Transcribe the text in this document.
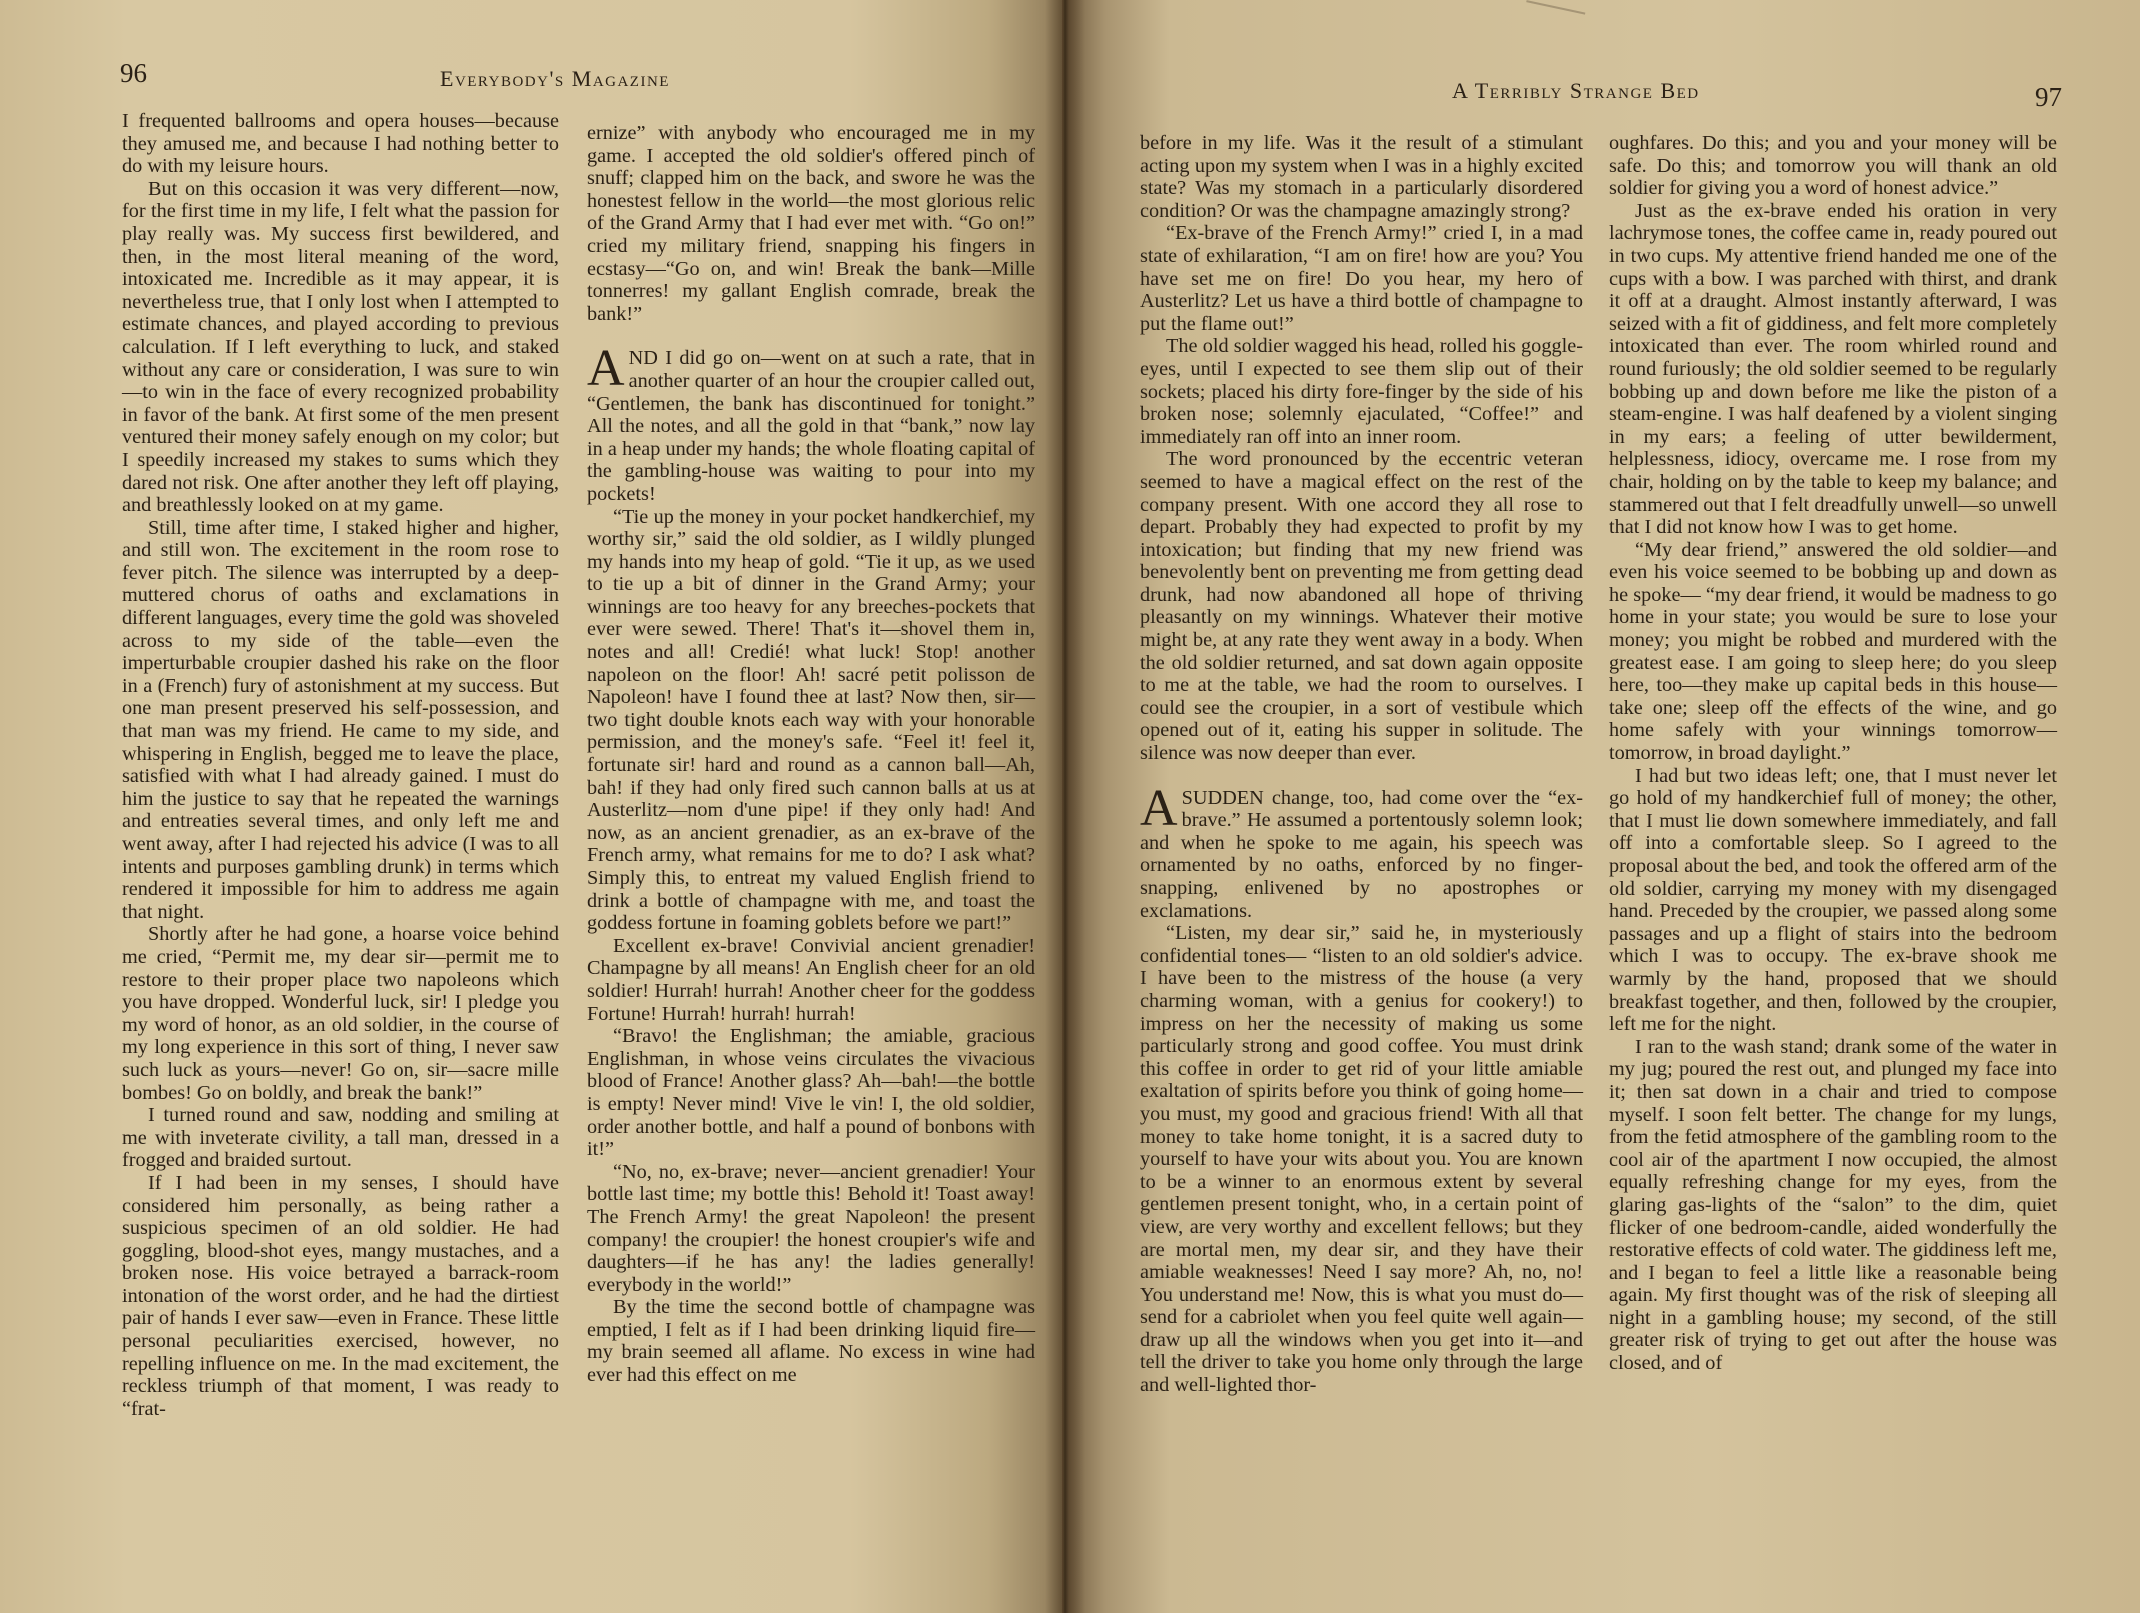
96	Everybody's Magazine

I frequented ballrooms and opera houses—because they amused me, and because I had nothing better to do with my leisure hours.

But on this occasion it was very different—now, for the first time in my life, I felt what the passion for play really was. My success first bewildered, and then, in the most literal meaning of the word, intoxicated me. Incredible as it may appear, it is nevertheless true, that I only lost when I attempted to estimate chances, and played according to previous calculation. If I left everything to luck, and staked without any care or consideration, I was sure to win—to win in the face of every recognized probability in favor of the bank. At first some of the men present ventured their money safely enough on my color; but I speedily increased my stakes to sums which they dared not risk. One after another they left off playing, and breathlessly looked on at my game.

Still, time after time, I staked higher and higher, and still won. The excitement in the room rose to fever pitch. The silence was interrupted by a deep-muttered chorus of oaths and exclamations in different languages, every time the gold was shoveled across to my side of the table—even the imperturbable croupier dashed his rake on the floor in a (French) fury of astonishment at my success. But one man present preserved his self-possession, and that man was my friend. He came to my side, and whispering in English, begged me to leave the place, satisfied with what I had already gained. I must do him the justice to say that he repeated the warnings and entreaties several times, and only left me and went away, after I had rejected his advice (I was to all intents and purposes gambling drunk) in terms which rendered it impossible for him to address me again that night.

Shortly after he had gone, a hoarse voice behind me cried, “Permit me, my dear sir—permit me to restore to their proper place two napoleons which you have dropped. Wonderful luck, sir! I pledge you my word of honor, as an old soldier, in the course of my long experience in this sort of thing, I never saw such luck as yours—never! Go on, sir—sacre mille bombes! Go on boldly, and break the bank!”

I turned round and saw, nodding and smiling at me with inveterate civility, a tall man, dressed in a frogged and braided surtout.

If I had been in my senses, I should have considered him personally, as being rather a suspicious specimen of an old soldier. He had goggling, blood-shot eyes, mangy mustaches, and a broken nose. His voice betrayed a barrack-room intonation of the worst order, and he had the dirtiest pair of hands I ever saw—even in France. These little personal peculiarities exercised, however, no repelling influence on me. In the mad excitement, the reckless triumph of that moment, I was ready to “frat-

ernize” with anybody who encouraged me in my game. I accepted the old soldier's offered pinch of snuff; clapped him on the back, and swore he was the honestest fellow in the world—the most glorious relic of the Grand Army that I had ever met with. “Go on!” cried my military friend, snapping his fingers in ecstasy—“Go on, and win! Break the bank—Mille tonnerres! my gallant English comrade, break the bank!”

AND I did go on—went on at such a rate, that in another quarter of an hour the croupier called out, “Gentlemen, the bank has discontinued for tonight.” All the notes, and all the gold in that “bank,” now lay in a heap under my hands; the whole floating capital of the gambling-house was waiting to pour into my pockets!

“Tie up the money in your pocket handkerchief, my worthy sir,” said the old soldier, as I wildly plunged my hands into my heap of gold. “Tie it up, as we used to tie up a bit of dinner in the Grand Army; your winnings are too heavy for any breeches-pockets that ever were sewed. There! That's it—shovel them in, notes and all! Credié! what luck! Stop! another napoleon on the floor! Ah! sacré petit polisson de Napoleon! have I found thee at last? Now then, sir—two tight double knots each way with your honorable permission, and the money's safe. “Feel it! feel it, fortunate sir! hard and round as a cannon ball—Ah, bah! if they had only fired such cannon balls at us at Austerlitz—nom d'une pipe! if they only had! And now, as an ancient grenadier, as an ex-brave of the French army, what remains for me to do? I ask what? Simply this, to entreat my valued English friend to drink a bottle of champagne with me, and toast the goddess fortune in foaming goblets before we part!”

Excellent ex-brave! Convivial ancient grenadier! Champagne by all means! An English cheer for an old soldier! Hurrah! hurrah! Another cheer for the goddess Fortune! Hurrah! hurrah! hurrah!

“Bravo! the Englishman; the amiable, gracious Englishman, in whose veins circulates the vivacious blood of France! Another glass? Ah—bah!—the bottle is empty! Never mind! Vive le vin! I, the old soldier, order another bottle, and half a pound of bonbons with it!”

“No, no, ex-brave; never—ancient grenadier! Your bottle last time; my bottle this! Behold it! Toast away! The French Army! the great Napoleon! the present company! the croupier! the honest croupier's wife and daughters—if he has any! the ladies generally! everybody in the world!”

By the time the second bottle of champagne was emptied, I felt as if I had been drinking liquid fire—my brain seemed all aflame. No excess in wine had ever had this effect on me

A Terribly Strange Bed	97

before in my life. Was it the result of a stimulant acting upon my system when I was in a highly excited state? Was my stomach in a particularly disordered condition? Or was the champagne amazingly strong?

“Ex-brave of the French Army!” cried I, in a mad state of exhilaration, “I am on fire! how are you? You have set me on fire! Do you hear, my hero of Austerlitz? Let us have a third bottle of champagne to put the flame out!”

The old soldier wagged his head, rolled his goggle-eyes, until I expected to see them slip out of their sockets; placed his dirty fore-finger by the side of his broken nose; solemnly ejaculated, “Coffee!” and immediately ran off into an inner room.

The word pronounced by the eccentric veteran seemed to have a magical effect on the rest of the company present. With one accord they all rose to depart. Probably they had expected to profit by my intoxication; but finding that my new friend was benevolently bent on preventing me from getting dead drunk, had now abandoned all hope of thriving pleasantly on my winnings. Whatever their motive might be, at any rate they went away in a body. When the old soldier returned, and sat down again opposite to me at the table, we had the room to ourselves. I could see the croupier, in a sort of vestibule which opened out of it, eating his supper in solitude. The silence was now deeper than ever.

ASUDDEN change, too, had come over the “ex-brave.” He assumed a portentously solemn look; and when he spoke to me again, his speech was ornamented by no oaths, enforced by no finger-snapping, enlivened by no apostrophes or exclamations.

“Listen, my dear sir,” said he, in mysteriously confidential tones— “listen to an old soldier's advice. I have been to the mistress of the house (a very charming woman, with a genius for cookery!) to impress on her the necessity of making us some particularly strong and good coffee. You must drink this coffee in order to get rid of your little amiable exaltation of spirits before you think of going home—you must, my good and gracious friend! With all that money to take home tonight, it is a sacred duty to yourself to have your wits about you. You are known to be a winner to an enormous extent by several gentlemen present tonight, who, in a certain point of view, are very worthy and excellent fellows; but they are mortal men, my dear sir, and they have their amiable weaknesses! Need I say more? Ah, no, no! You understand me! Now, this is what you must do—send for a cabriolet when you feel quite well again—draw up all the windows when you get into it—and tell the driver to take you home only through the large and well-lighted thor-

oughfares. Do this; and you and your money will be safe. Do this; and tomorrow you will thank an old soldier for giving you a word of honest advice.”

Just as the ex-brave ended his oration in very lachrymose tones, the coffee came in, ready poured out in two cups. My attentive friend handed me one of the cups with a bow. I was parched with thirst, and drank it off at a draught. Almost instantly afterward, I was seized with a fit of giddiness, and felt more completely intoxicated than ever. The room whirled round and round furiously; the old soldier seemed to be regularly bobbing up and down before me like the piston of a steam-engine. I was half deafened by a violent singing in my ears; a feeling of utter bewilderment, helplessness, idiocy, overcame me. I rose from my chair, holding on by the table to keep my balance; and stammered out that I felt dreadfully unwell—so unwell that I did not know how I was to get home.

“My dear friend,” answered the old soldier—and even his voice seemed to be bobbing up and down as he spoke— “my dear friend, it would be madness to go home in your state; you would be sure to lose your money; you might be robbed and murdered with the greatest ease. I am going to sleep here; do you sleep here, too—they make up capital beds in this house—take one; sleep off the effects of the wine, and go home safely with your winnings tomorrow—tomorrow, in broad daylight.”

I had but two ideas left; one, that I must never let go hold of my handkerchief full of money; the other, that I must lie down somewhere immediately, and fall off into a comfortable sleep. So I agreed to the proposal about the bed, and took the offered arm of the old soldier, carrying my money with my disengaged hand. Preceded by the croupier, we passed along some passages and up a flight of stairs into the bedroom which I was to occupy. The ex-brave shook me warmly by the hand, proposed that we should breakfast together, and then, followed by the croupier, left me for the night.

I ran to the wash stand; drank some of the water in my jug; poured the rest out, and plunged my face into it; then sat down in a chair and tried to compose myself. I soon felt better. The change for my lungs, from the fetid atmosphere of the gambling room to the cool air of the apartment I now occupied, the almost equally refreshing change for my eyes, from the glaring gas-lights of the “salon” to the dim, quiet flicker of one bedroom-candle, aided wonderfully the restorative effects of cold water. The giddiness left me, and I began to feel a little like a reasonable being again. My first thought was of the risk of sleeping all night in a gambling house; my second, of the still greater risk of trying to get out after the house was closed, and of
